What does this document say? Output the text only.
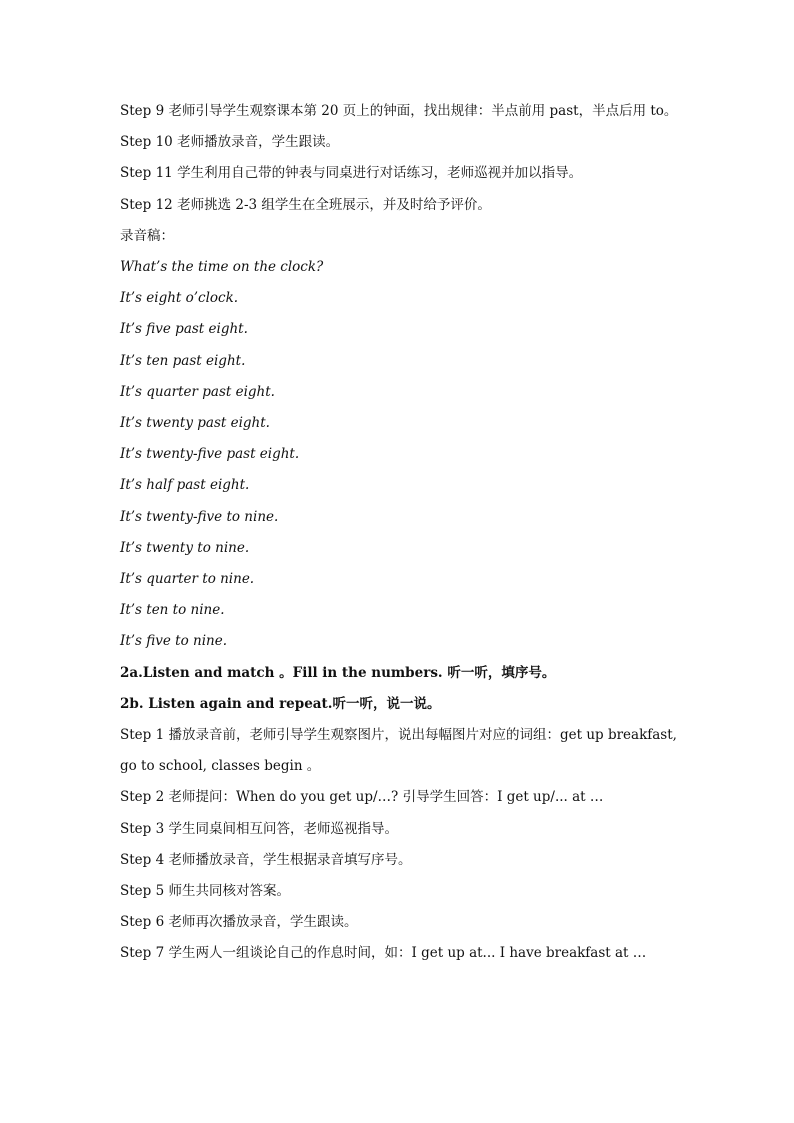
Step 9 老师引导学生观察课本第 20 页上的钟面，找出规律：半点前用 past，半点后用 to。

Step 10 老师播放录音，学生跟读。

Step 11 学生利用自己带的钟表与同桌进行对话练习，老师巡视并加以指导。

Step 12 老师挑选 2-3 组学生在全班展示，并及时给予评价。

录音稿：

What’s the time on the clock?

It’s eight o’clock.

It’s five past eight.

It’s ten past eight.

It’s quarter past eight.

It’s twenty past eight.

It’s twenty-five past eight.

It’s half past eight.

It’s twenty-five to nine.

It’s twenty to nine.

It’s quarter to nine.

It’s ten to nine.

It’s five to nine.

2a.Listen and match 。Fill in the numbers. 听一听，填序号。

2b. Listen again and repeat.听一听，说一说。

Step 1 播放录音前，老师引导学生观察图片，说出每幅图片对应的词组：get up breakfast, go to school, classes begin 。

Step 2 老师提问：When do you get up/…? 引导学生回答：I get up/... at …

Step 3 学生同桌间相互问答，老师巡视指导。

Step 4 老师播放录音，学生根据录音填写序号。

Step 5 师生共同核对答案。

Step 6 老师再次播放录音，学生跟读。

Step 7 学生两人一组谈论自己的作息时间，如：I get up at... I have breakfast at …
